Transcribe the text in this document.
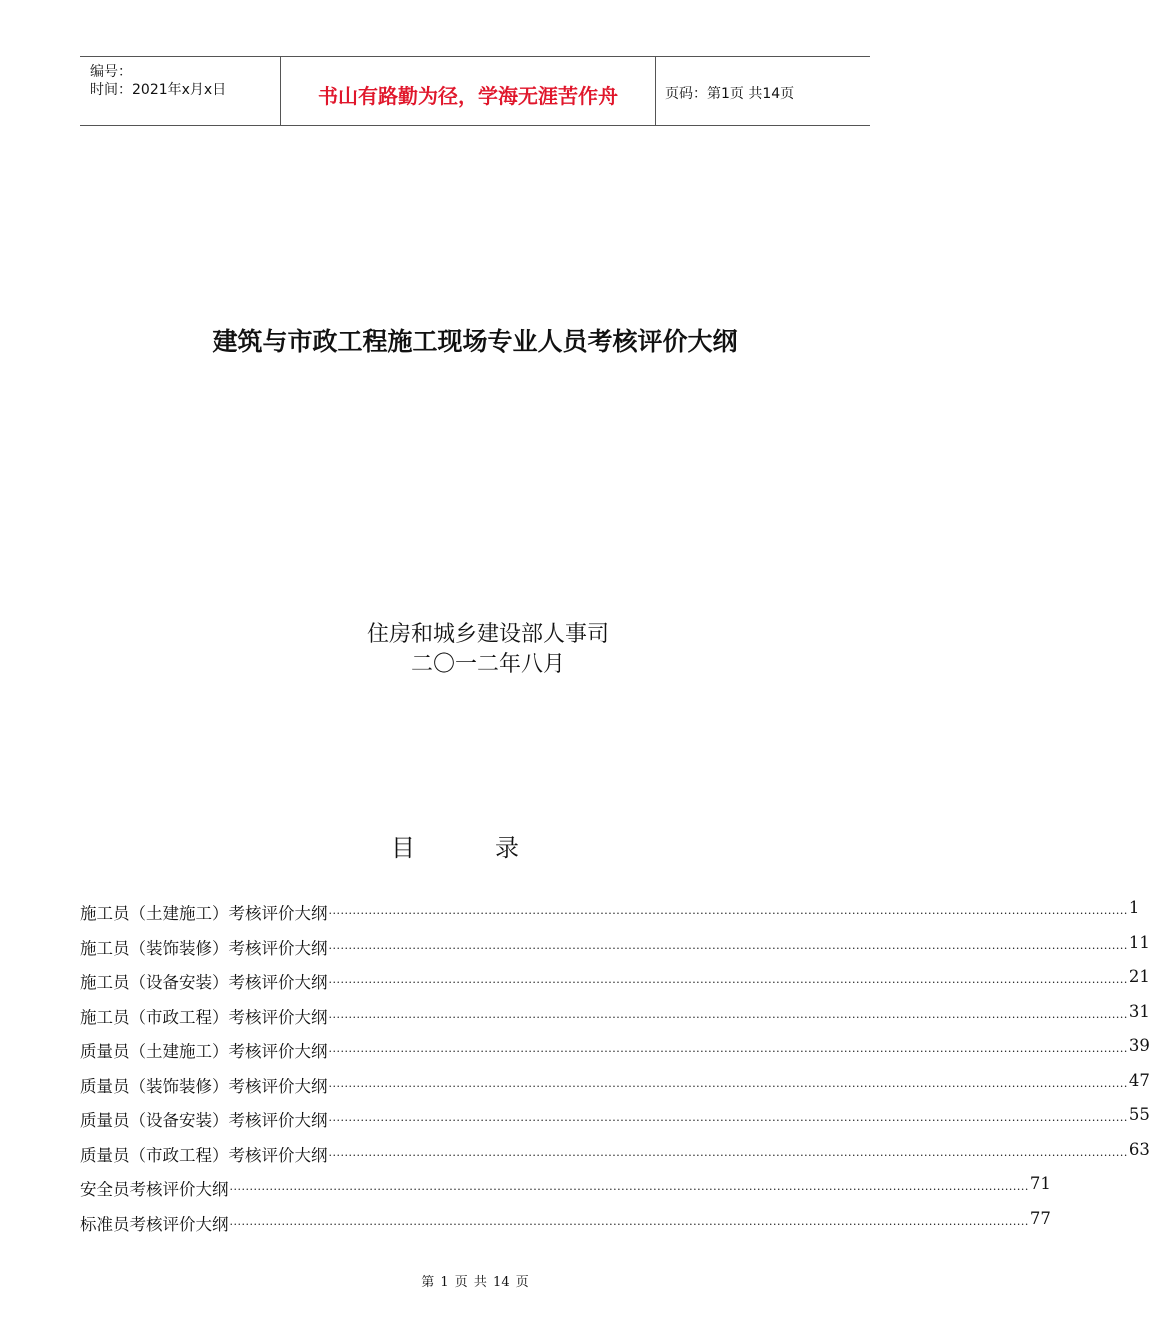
编号：
时间：2021年x月x日	书山有路勤为径，学海无涯苦作舟	页码：第1页 共14页
建筑与市政工程施工现场专业人员考核评价大纲
住房和城乡建设部人事司
二〇一二年八月
目录
施工员（土建施工）考核评价大纲 ········································································································································································································ 1
施工员（装饰装修）考核评价大纲 ········································································································································································································ 11
施工员（设备安装）考核评价大纲 ········································································································································································································ 21
施工员（市政工程）考核评价大纲 ········································································································································································································ 31
质量员（土建施工）考核评价大纲 ········································································································································································································ 39
质量员（装饰装修）考核评价大纲 ········································································································································································································ 47
质量员（设备安装）考核评价大纲 ········································································································································································································ 55
质量员（市政工程）考核评价大纲 ········································································································································································································ 63
安全员考核评价大纲 ········································································································································································································ 71
标准员考核评价大纲 ········································································································································································································ 77
第 1 页 共 14 页
